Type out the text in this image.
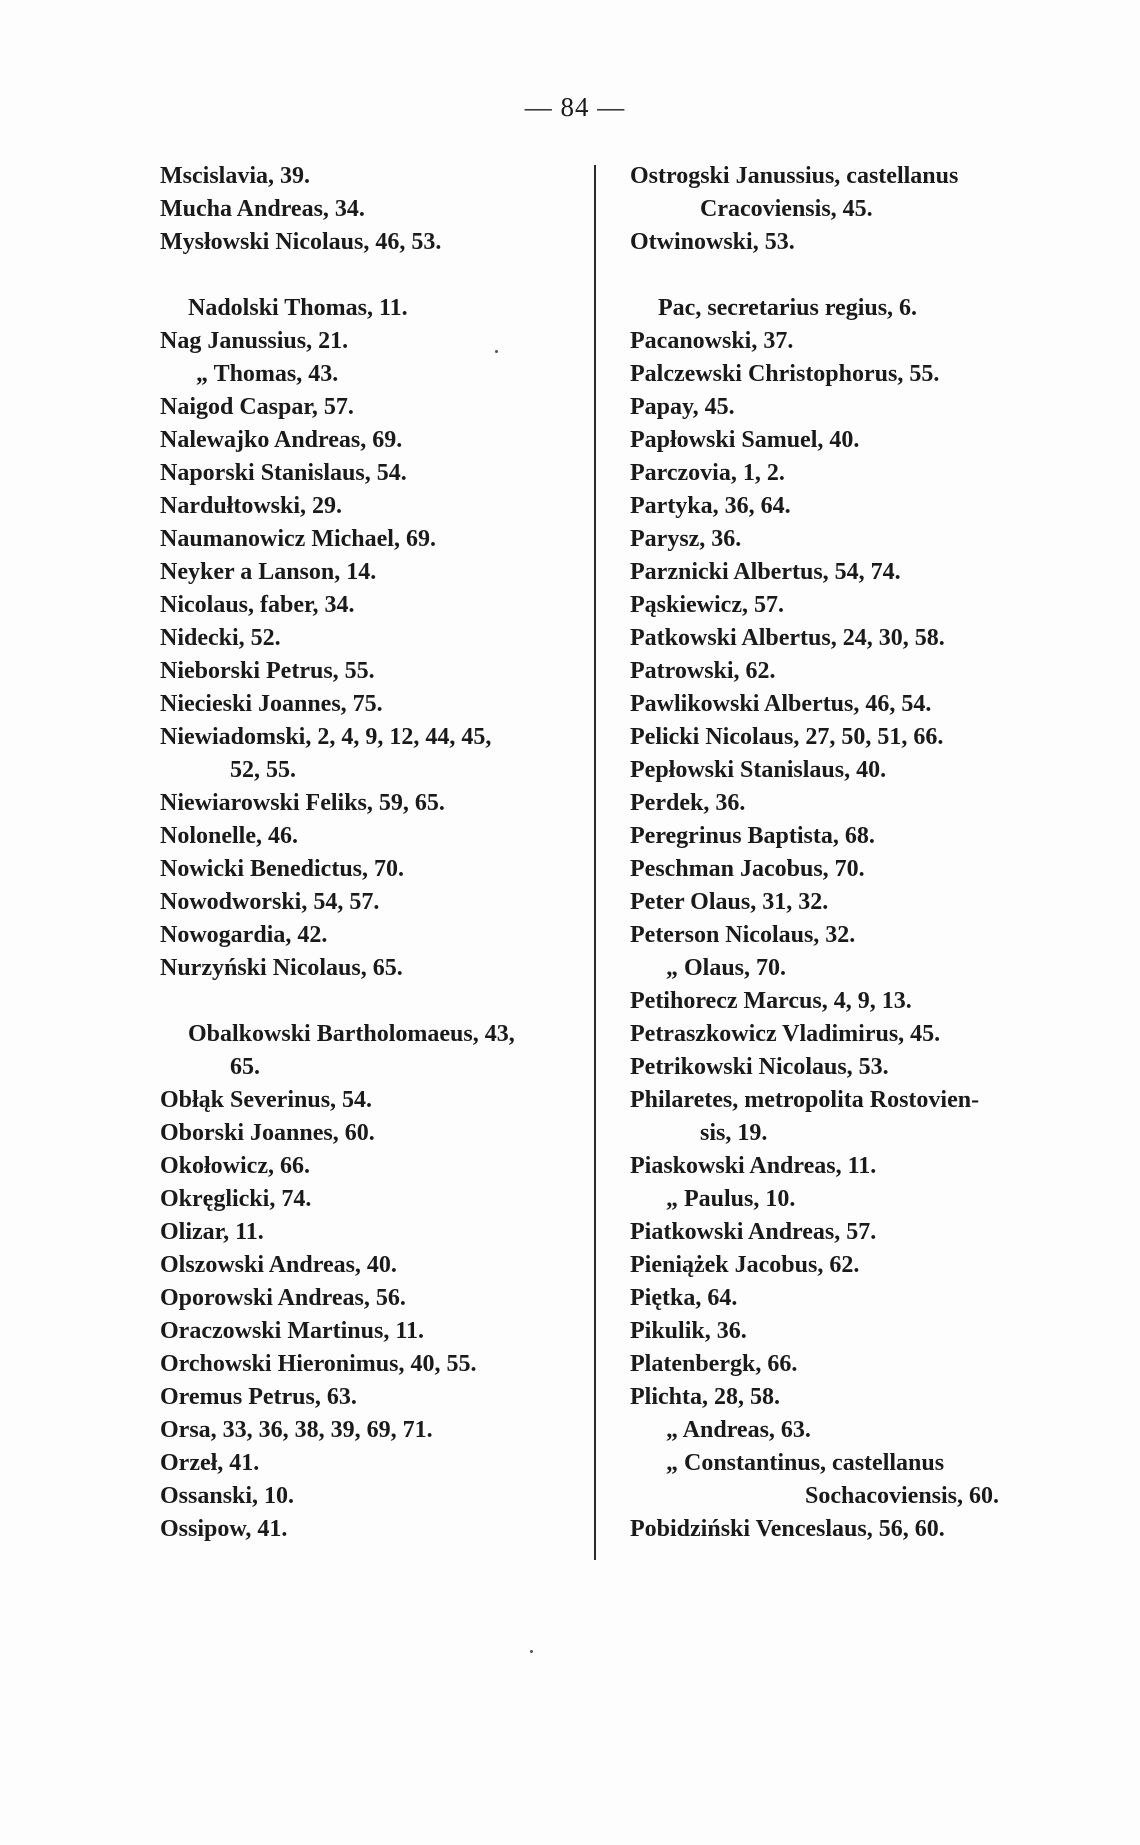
— 84 —
Mscislavia, 39.
Mucha Andreas, 34.
Mysłowski Nicolaus, 46, 53.
Nadolski Thomas, 11.
Nag Janussius, 21.
„ Thomas, 43.
Naigod Caspar, 57.
Nalewajko Andreas, 69.
Naporski Stanislaus, 54.
Nardułtowski, 29.
Naumanowicz Michael, 69.
Neyker a Lanson, 14.
Nicolaus, faber, 34.
Nidecki, 52.
Nieborski Petrus, 55.
Niecieski Joannes, 75.
Niewiadomski, 2, 4, 9, 12, 44, 45,
52, 55.
Niewiarowski Feliks, 59, 65.
Nolonelle, 46.
Nowicki Benedictus, 70.
Nowodworski, 54, 57.
Nowogardia, 42.
Nurzyński Nicolaus, 65.
Obalkowski Bartholomaeus, 43,
65.
Obłąk Severinus, 54.
Oborski Joannes, 60.
Okołowicz, 66.
Okręglicki, 74.
Olizar, 11.
Olszowski Andreas, 40.
Oporowski Andreas, 56.
Oraczowski Martinus, 11.
Orchowski Hieronimus, 40, 55.
Oremus Petrus, 63.
Orsa, 33, 36, 38, 39, 69, 71.
Orzeł, 41.
Ossanski, 10.
Ossipow, 41.
Ostrogski Janussius, castellanus
Cracoviensis, 45.
Otwinowski, 53.
Pac, secretarius regius, 6.
Pacanowski, 37.
Palczewski Christophorus, 55.
Papay, 45.
Papłowski Samuel, 40.
Parczovia, 1, 2.
Partyka, 36, 64.
Parysz, 36.
Parznicki Albertus, 54, 74.
Pąskiewicz, 57.
Patkowski Albertus, 24, 30, 58.
Patrowski, 62.
Pawlikowski Albertus, 46, 54.
Pelicki Nicolaus, 27, 50, 51, 66.
Pepłowski Stanislaus, 40.
Perdek, 36.
Peregrinus Baptista, 68.
Peschman Jacobus, 70.
Peter Olaus, 31, 32.
Peterson Nicolaus, 32.
„ Olaus, 70.
Petihorecz Marcus, 4, 9, 13.
Petraszkowicz Vladimirus, 45.
Petrikowski Nicolaus, 53.
Philaretes, metropolita Rostovien-
sis, 19.
Piaskowski Andreas, 11.
„ Paulus, 10.
Piatkowski Andreas, 57.
Pieniążek Jacobus, 62.
Piętka, 64.
Pikulik, 36.
Platenbergk, 66.
Plichta, 28, 58.
„ Andreas, 63.
„ Constantinus, castellanus
Sochacoviensis, 60.
Pobidziński Venceslaus, 56, 60.
